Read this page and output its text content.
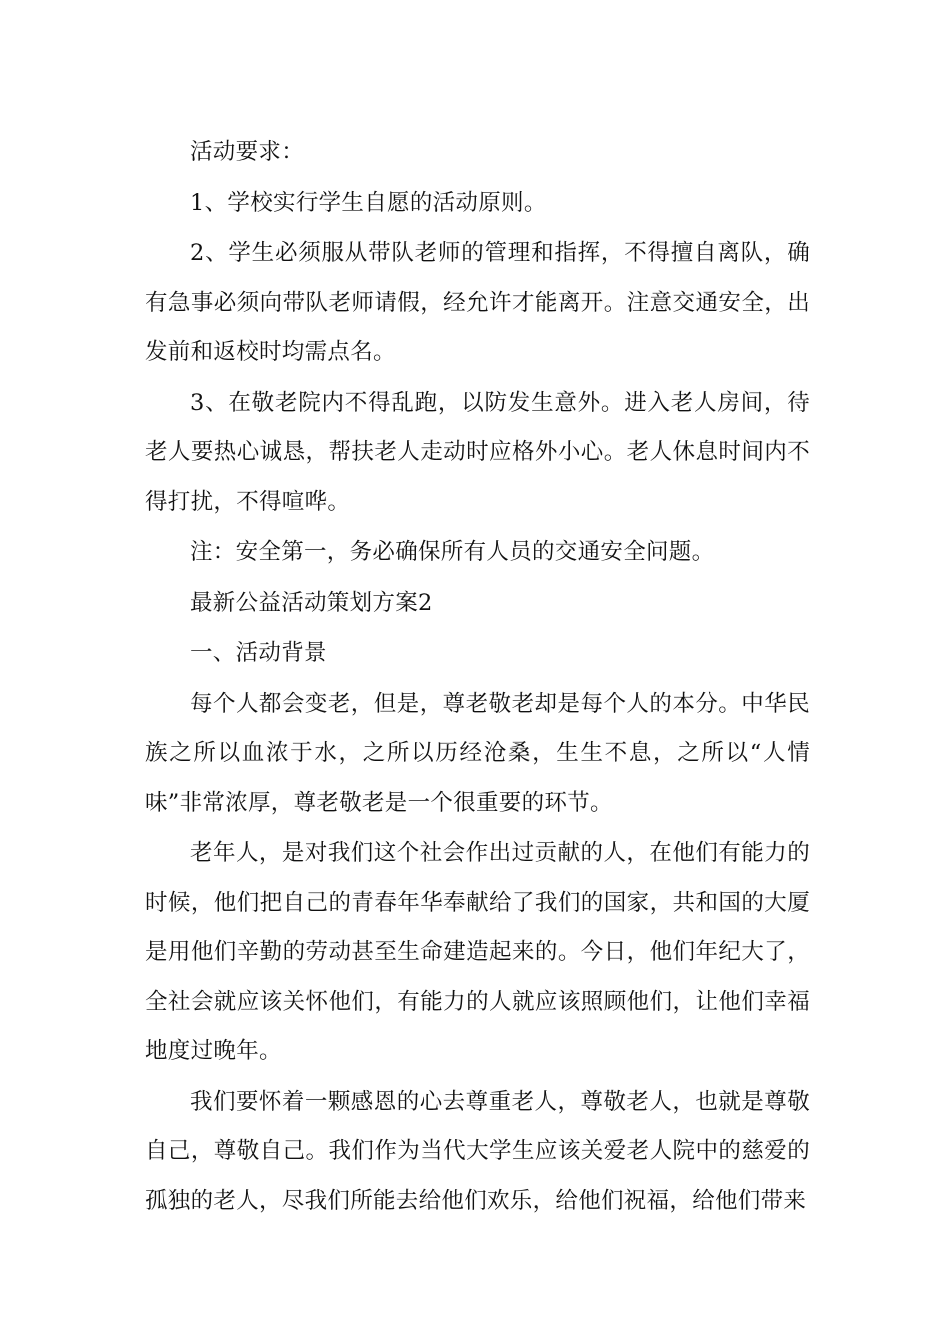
活动要求：

1、学校实行学生自愿的活动原则。

2、学生必须服从带队老师的管理和指挥，不得擅自离队，确有急事必须向带队老师请假，经允许才能离开。注意交通安全，出发前和返校时均需点名。

3、在敬老院内不得乱跑，以防发生意外。进入老人房间，待老人要热心诚恳，帮扶老人走动时应格外小心。老人休息时间内不得打扰，不得喧哗。

注：安全第一，务必确保所有人员的交通安全问题。

最新公益活动策划方案2

一、活动背景

每个人都会变老，但是，尊老敬老却是每个人的本分。中华民族之所以血浓于水，之所以历经沧桑，生生不息，之所以“人情味”非常浓厚，尊老敬老是一个很重要的环节。

老年人，是对我们这个社会作出过贡献的人，在他们有能力的时候，他们把自己的青春年华奉献给了我们的国家，共和国的大厦是用他们辛勤的劳动甚至生命建造起来的。今日，他们年纪大了，全社会就应该关怀他们，有能力的人就应该照顾他们，让他们幸福地度过晚年。

我们要怀着一颗感恩的心去尊重老人，尊敬老人，也就是尊敬自己，尊敬自己。我们作为当代大学生应该关爱老人院中的慈爱的孤独的老人，尽我们所能去给他们欢乐，给他们祝福，给他们带来
